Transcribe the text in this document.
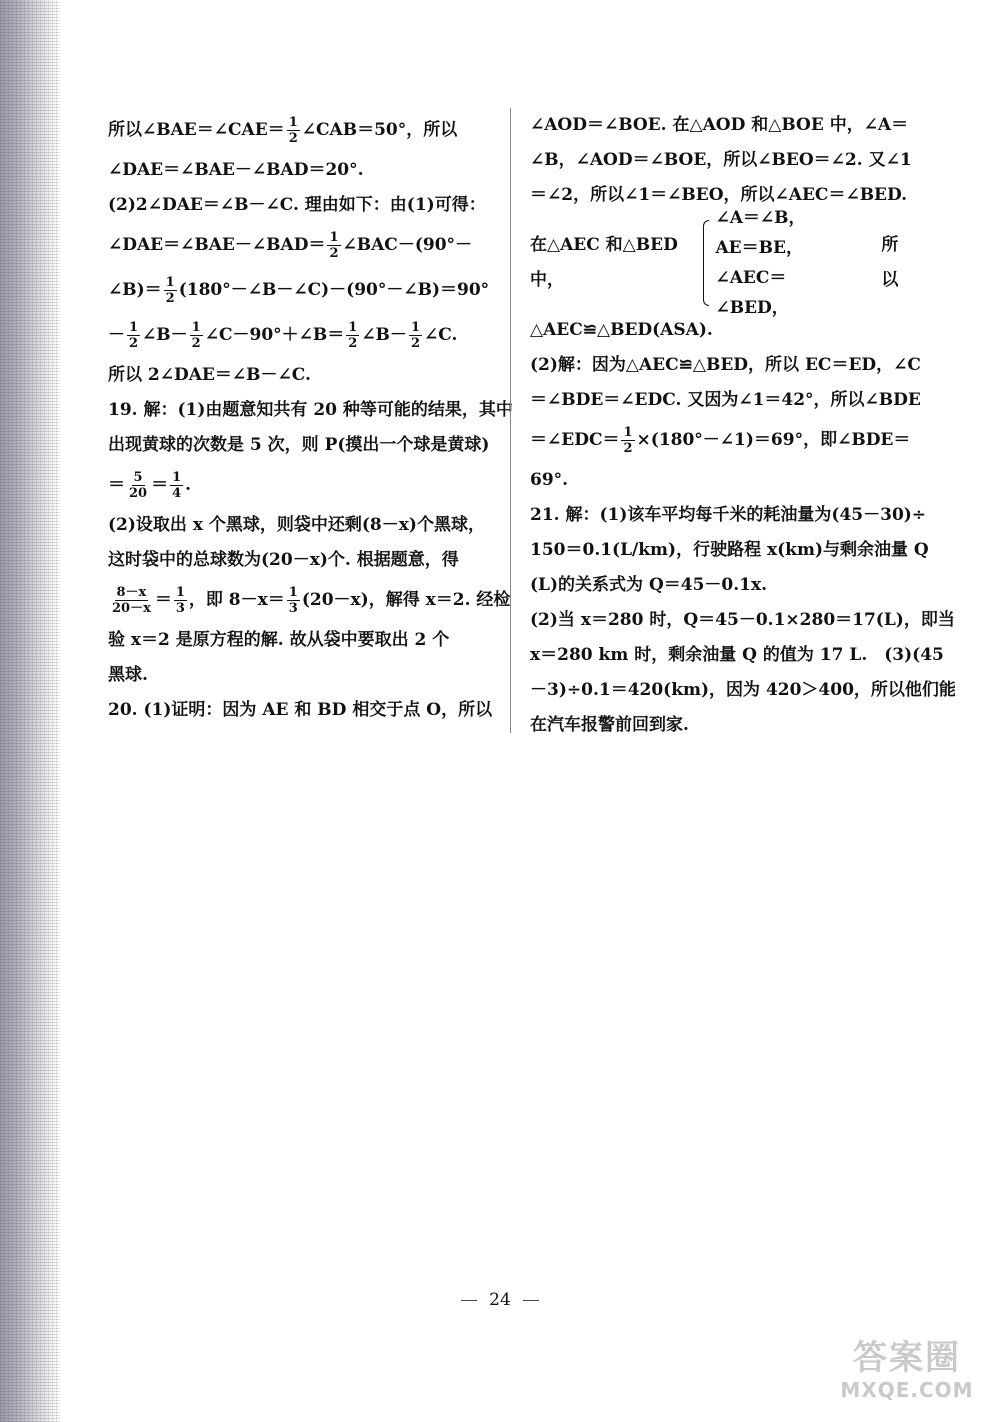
所以∠BAE＝∠CAE＝ $\frac{1}{2}$ ∠CAB＝50°，所以
∠DAE＝∠BAE－∠BAD＝20°.
(2)2∠DAE＝∠B－∠C. 理由如下：由(1)可得：
∠DAE＝∠BAE－∠BAD＝ $\frac{1}{2}$ ∠BAC－(90°－
∠B)＝ $\frac{1}{2}$ (180°－∠B－∠C)－(90°－∠B)＝90°
－ $\frac{1}{2}$ ∠B－ $\frac{1}{2}$ ∠C－90°＋∠B＝ $\frac{1}{2}$ ∠B－ $\frac{1}{2}$ ∠C.
所以 2∠DAE＝∠B－∠C.
19. 解：(1)由题意知共有 20 种等可能的结果，其中
出现黄球的次数是 5 次，则 P(摸出一个球是黄球)
＝ $\frac{5}{20} = \frac{1}{4}$ .
(2)设取出 x 个黑球，则袋中还剩(8－x)个黑球，
这时袋中的总球数为(20－x)个. 根据题意，得
$\frac{8-x}{20-x} = \frac{1}{3}$ ，即 $8-x= \frac{1}{3} (20-x)$，解得 x＝2. 经检
验 x＝2 是原方程的解. 故从袋中要取出 2 个
黑球.
20. (1)证明：因为 AE 和 BD 相交于点 O，所以
∠AOD＝∠BOE. 在△AOD 和△BOE 中，∠A＝
∠B，∠AOD＝∠BOE，所以∠BEO＝∠2. 又∠1
＝∠2，所以∠1＝∠BEO，所以∠AEC＝∠BED.
在△AEC 和△BED 中，
∠A＝∠B，
AE＝BE，
∠AEC＝∠BED，
所以
△AEC≌△BED(ASA).
(2)解：因为△AEC≌△BED，所以 EC＝ED，∠C
＝∠BDE＝∠EDC. 又因为∠1＝42°，所以∠BDE
＝∠EDC＝ $\frac{1}{2}$ ×(180°－∠1)＝69°，即∠BDE＝
69°.
21. 解：(1)该车平均每千米的耗油量为(45－30)÷
150＝0.1(L/km)，行驶路程 x(km)与剩余油量 Q
(L)的关系式为 Q＝45－0.1x.
(2)当 x＝280 时，Q＝45－0.1×280＝17(L)，即当
x＝280 km 时，剩余油量 Q 的值为 17 L.　(3)(45
－3)÷0.1＝420(km)，因为 420＞400，所以他们能
在汽车报警前回到家.
24
答案圈
MXQE.COM
